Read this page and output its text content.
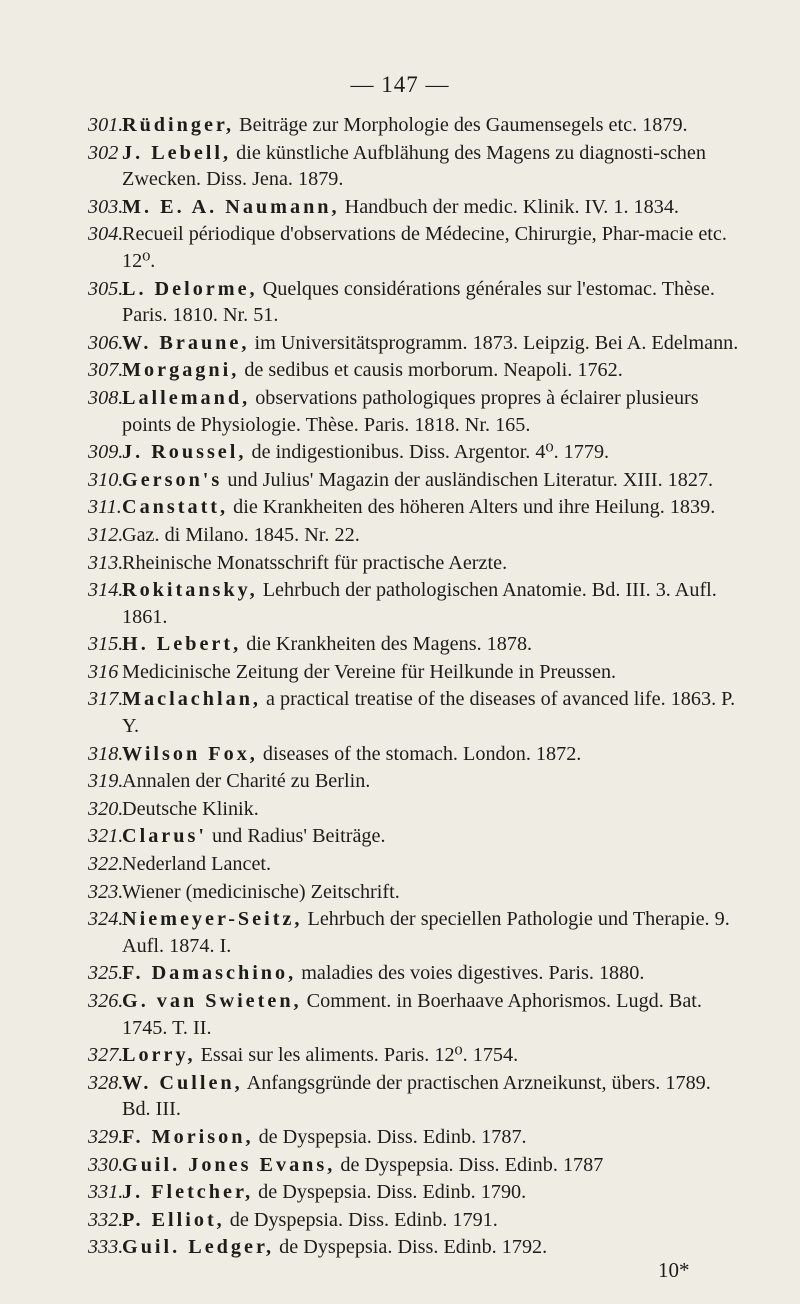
— 147 —
301.Rüdinger, Beiträge zur Morphologie des Gaumensegels etc. 1879.
302 J. Lebell, die künstliche Aufblähung des Magens zu diagnosti-schen Zwecken. Diss. Jena. 1879.
303.M. E. A. Naumann, Handbuch der medic. Klinik. IV. 1. 1834.
304.Recueil périodique d'observations de Médecine, Chirurgie, Phar-macie etc. 12⁰.
305.L. Delorme, Quelques considérations générales sur l'estomac. Thèse. Paris. 1810. Nr. 51.
306.W. Braune, im Universitätsprogramm. 1873. Leipzig. Bei A. Edelmann.
307.Morgagni, de sedibus et causis morborum. Neapoli. 1762.
308.Lallemand, observations pathologiques propres à éclairer plusieurs points de Physiologie. Thèse. Paris. 1818. Nr. 165.
309.J. Roussel, de indigestionibus. Diss. Argentor. 4⁰. 1779.
310.Gerson's und Julius' Magazin der ausländischen Literatur. XIII. 1827.
311.Canstatt, die Krankheiten des höheren Alters und ihre Heilung. 1839.
312.Gaz. di Milano. 1845. Nr. 22.
313.Rheinische Monatsschrift für practische Aerzte.
314.Rokitansky, Lehrbuch der pathologischen Anatomie. Bd. III. 3. Aufl. 1861.
315.H. Lebert, die Krankheiten des Magens. 1878.
316 Medicinische Zeitung der Vereine für Heilkunde in Preussen.
317.Maclachlan, a practical treatise of the diseases of avanced life. 1863. P. Y.
318.Wilson Fox, diseases of the stomach. London. 1872.
319.Annalen der Charité zu Berlin.
320.Deutsche Klinik.
321.Clarus' und Radius' Beiträge.
322.Nederland Lancet.
323.Wiener (medicinische) Zeitschrift.
324.Niemeyer-Seitz, Lehrbuch der speciellen Pathologie und Therapie. 9. Aufl. 1874. I.
325.F. Damaschino, maladies des voies digestives. Paris. 1880.
326.G. van Swieten, Comment. in Boerhaave Aphorismos. Lugd. Bat. 1745. T. II.
327.Lorry, Essai sur les aliments. Paris. 12⁰. 1754.
328.W. Cullen, Anfangsgründe der practischen Arzneikunst, übers. 1789. Bd. III.
329.F. Morison, de Dyspepsia. Diss. Edinb. 1787.
330.Guil. Jones Evans, de Dyspepsia. Diss. Edinb. 1787
331.J. Fletcher, de Dyspepsia. Diss. Edinb. 1790.
332.P. Elliot, de Dyspepsia. Diss. Edinb. 1791.
333.Guil. Ledger, de Dyspepsia. Diss. Edinb. 1792.
10*
